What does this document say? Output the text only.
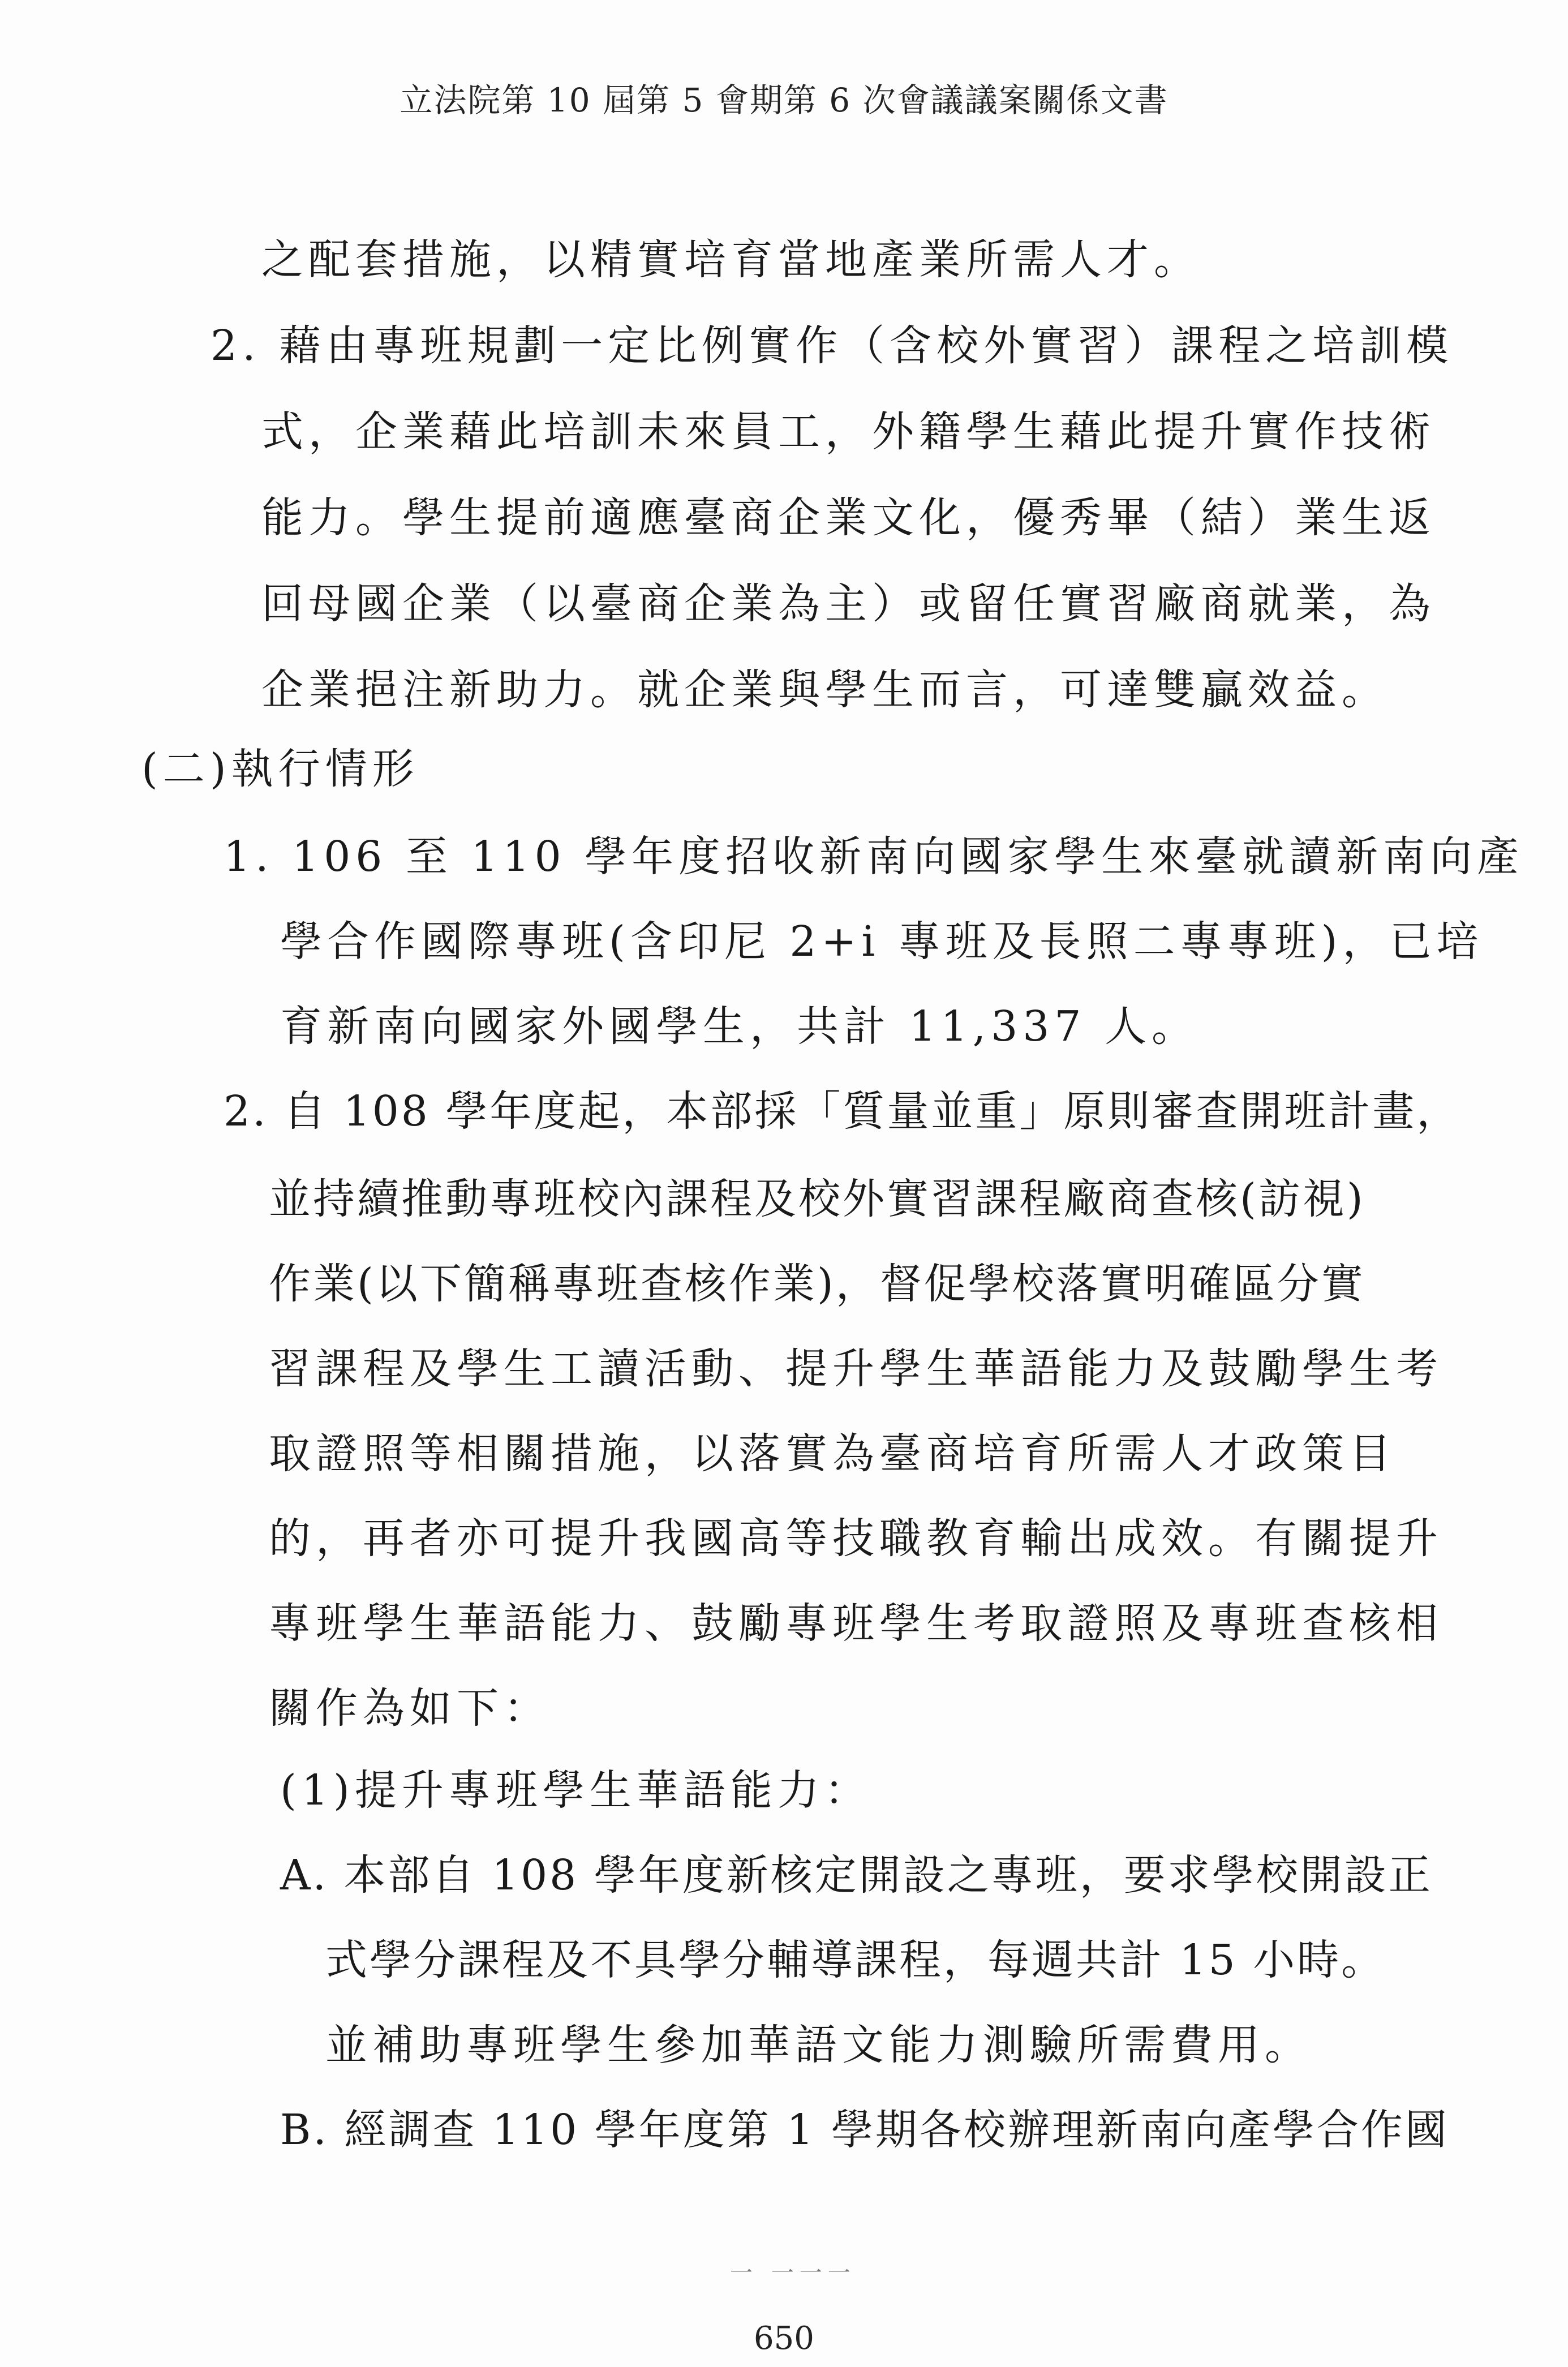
立法院第 10 屆第 5 會期第 6 次會議議案關係文書
之配套措施，以精實培育當地產業所需人才。
2. 藉由專班規劃一定比例實作（含校外實習）課程之培訓模
式，企業藉此培訓未來員工，外籍學生藉此提升實作技術
能力。學生提前適應臺商企業文化，優秀畢（結）業生返
回母國企業（以臺商企業為主）或留任實習廠商就業，為
企業挹注新助力。就企業與學生而言，可達雙贏效益。
(二)執行情形
1. 106 至 110 學年度招收新南向國家學生來臺就讀新南向產
學合作國際專班(含印尼 2+i 專班及長照二專專班)，已培
育新南向國家外國學生，共計 11,337 人。
2. 自 108 學年度起，本部採「質量並重」原則審查開班計畫，
並持續推動專班校內課程及校外實習課程廠商查核(訪視)
作業(以下簡稱專班查核作業)，督促學校落實明確區分實
習課程及學生工讀活動、提升學生華語能力及鼓勵學生考
取證照等相關措施，以落實為臺商培育所需人才政策目
的，再者亦可提升我國高等技職教育輸出成效。有關提升
專班學生華語能力、鼓勵專班學生考取證照及專班查核相
關作為如下：
(1)提升專班學生華語能力：
A. 本部自 108 學年度新核定開設之專班，要求學校開設正
式學分課程及不具學分輔導課程，每週共計 15 小時。
並補助專班學生參加華語文能力測驗所需費用。
B. 經調查 110 學年度第 1 學期各校辦理新南向產學合作國
一 一一一
650
